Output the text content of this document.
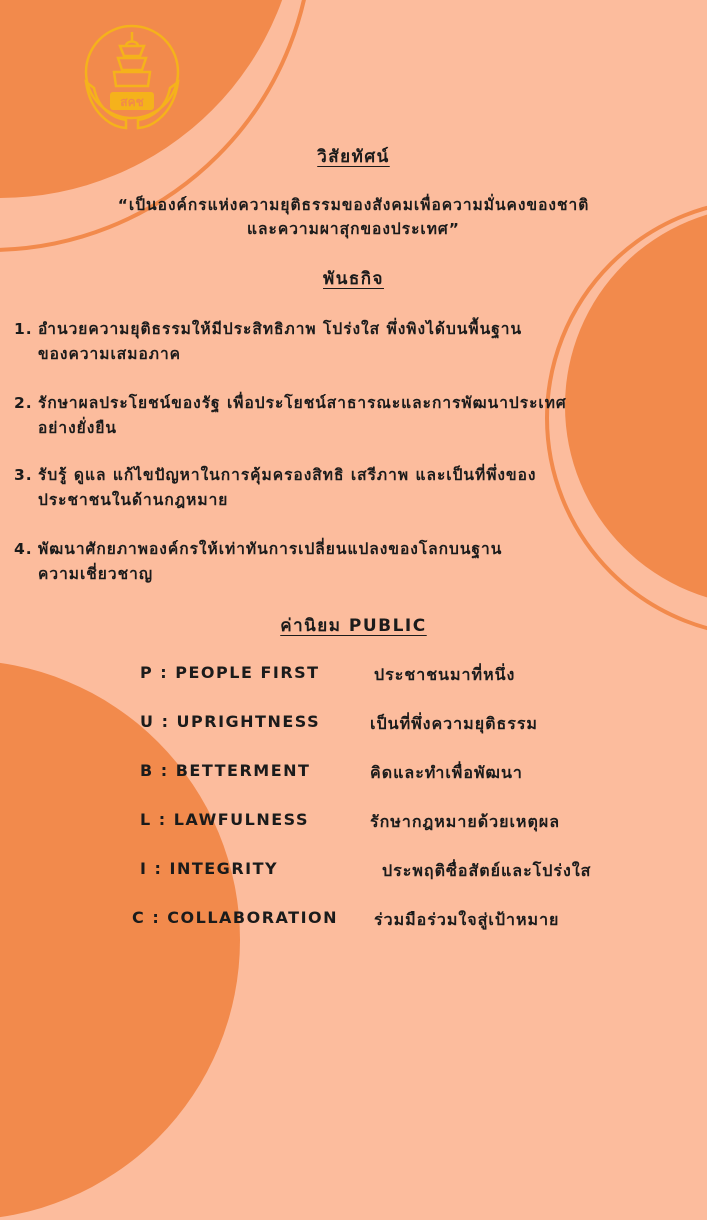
สคช
วิสัยทัศน์
“เป็นองค์กรแห่งความยุติธรรมของสังคมเพื่อความมั่นคงของชาติ
และความผาสุกของประเทศ”
พันธกิจ
1. อำนวยความยุติธรรมให้มีประสิทธิภาพ โปร่งใส พึ่งพิงได้บนพื้นฐาน
ของความเสมอภาค
2. รักษาผลประโยชน์ของรัฐ เพื่อประโยชน์สาธารณะและการพัฒนาประเทศ
อย่างยั่งยืน
3. รับรู้ ดูแล แก้ไขปัญหาในการคุ้มครองสิทธิ เสรีภาพ และเป็นที่พึ่งของ
ประชาชนในด้านกฎหมาย
4. พัฒนาศักยภาพองค์กรให้เท่าทันการเปลี่ยนแปลงของโลกบนฐาน
ความเชี่ยวชาญ
ค่านิยม PUBLIC
P : PEOPLE FIRST	ประชาชนมาที่หนึ่ง
U : UPRIGHTNESS	เป็นที่พึ่งความยุติธรรม
B : BETTERMENT	คิดและทำเพื่อพัฒนา
L : LAWFULNESS	รักษากฎหมายด้วยเหตุผล
I : INTEGRITY	ประพฤติซื่อสัตย์และโปร่งใส
C : COLLABORATION	ร่วมมือร่วมใจสู่เป้าหมาย
